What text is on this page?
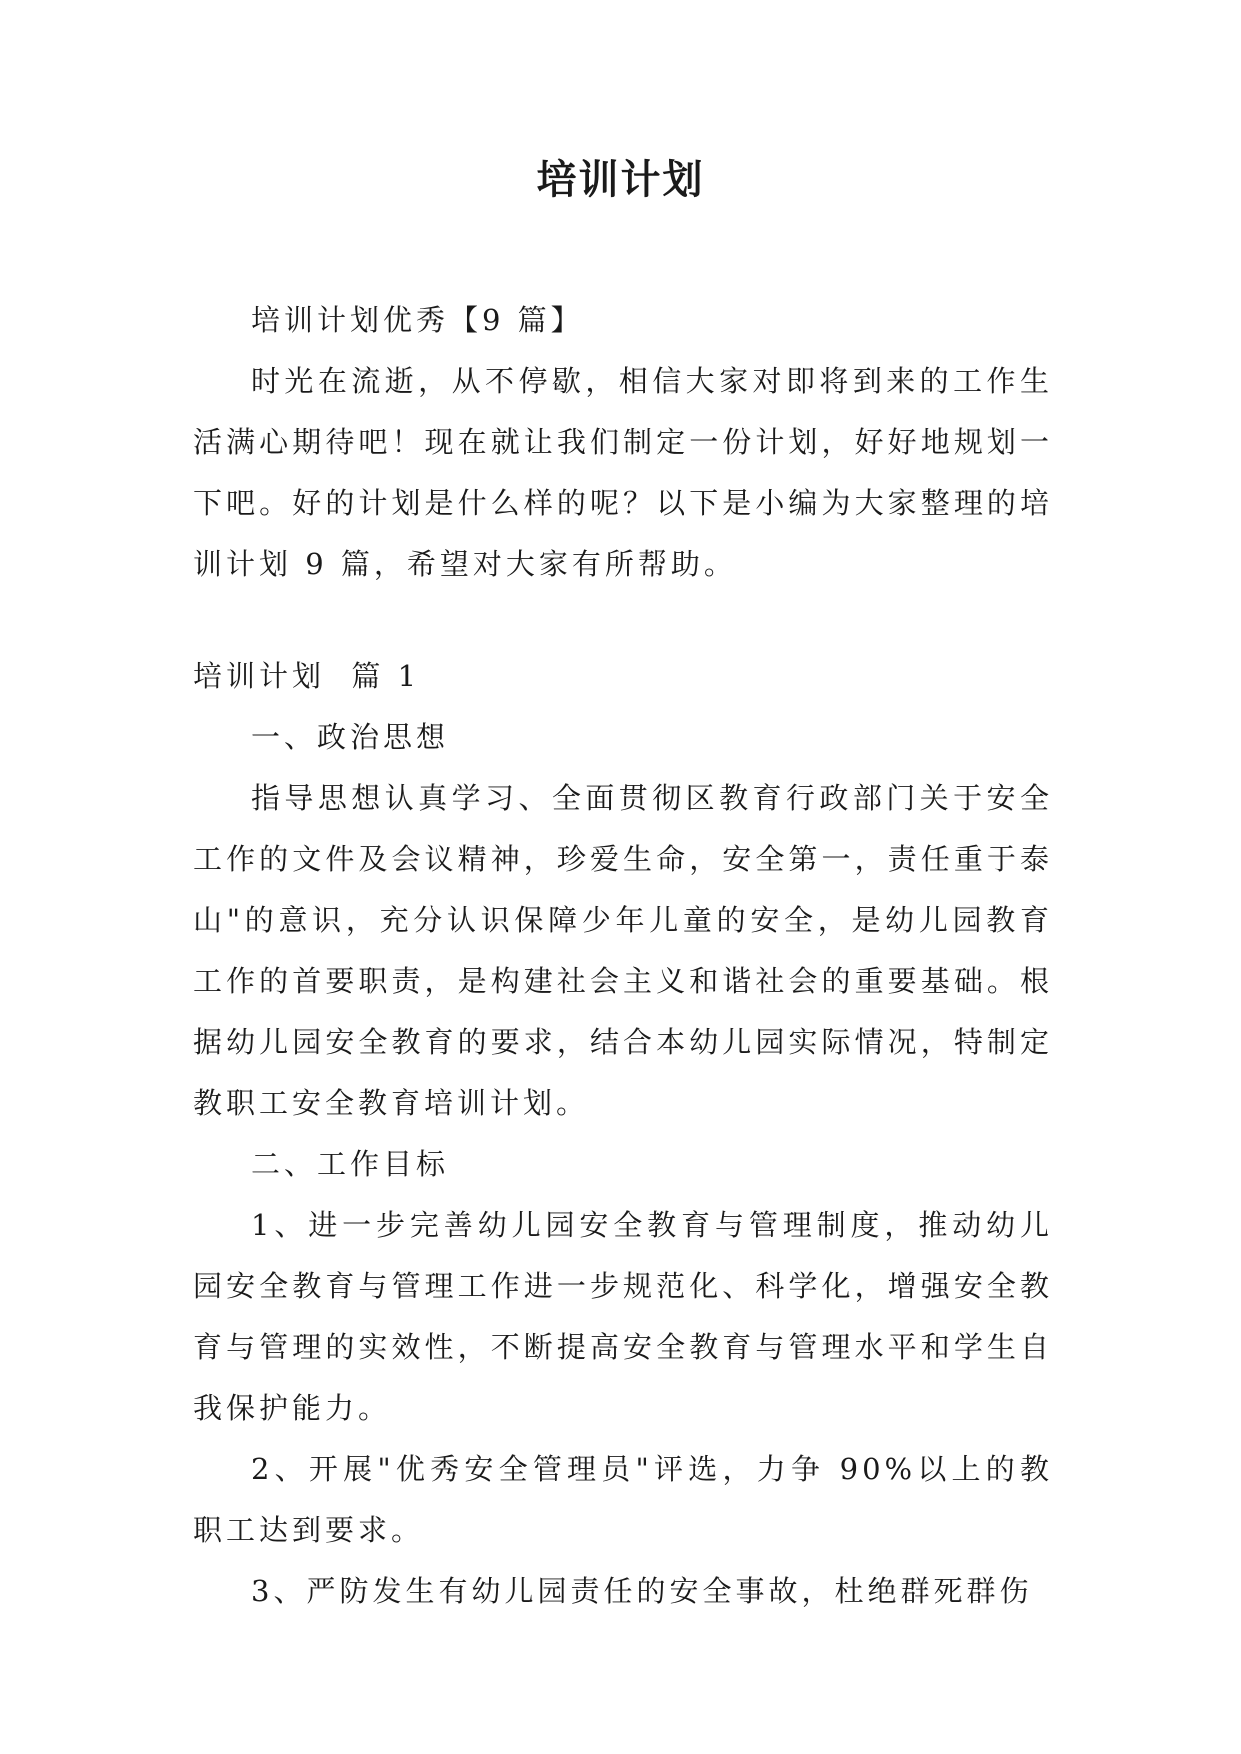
培训计划

培训计划优秀【9 篇】

时光在流逝，从不停歇，相信大家对即将到来的工作生活满心期待吧！现在就让我们制定一份计划，好好地规划一下吧。好的计划是什么样的呢？以下是小编为大家整理的培训计划 9 篇，希望对大家有所帮助。

培训计划  篇 1

一、政治思想

指导思想认真学习、全面贯彻区教育行政部门关于安全工作的文件及会议精神，珍爱生命，安全第一，责任重于泰山"的意识，充分认识保障少年儿童的安全，是幼儿园教育工作的首要职责，是构建社会主义和谐社会的重要基础。根据幼儿园安全教育的要求，结合本幼儿园实际情况，特制定教职工安全教育培训计划。

二、工作目标

1、进一步完善幼儿园安全教育与管理制度，推动幼儿园安全教育与管理工作进一步规范化、科学化，增强安全教育与管理的实效性，不断提高安全教育与管理水平和学生自我保护能力。

2、开展"优秀安全管理员"评选，力争 90%以上的教职工达到要求。

3、严防发生有幼儿园责任的安全事故，杜绝群死群伤
